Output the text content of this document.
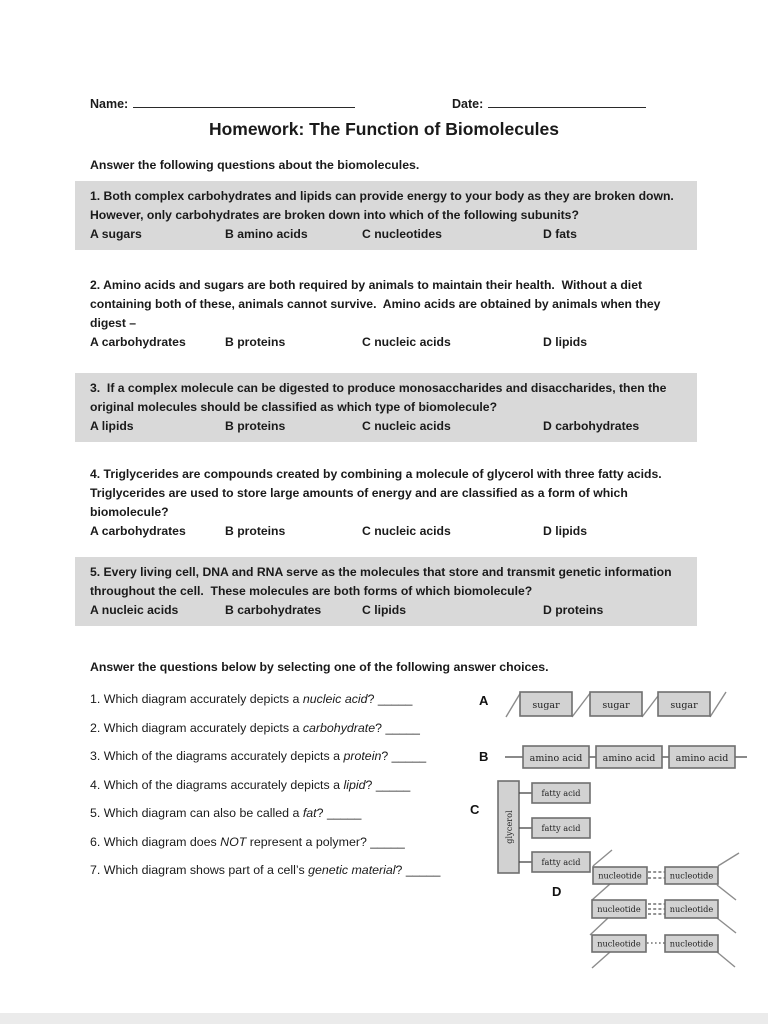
Name:	Date:
Homework: The Function of Biomolecules
Answer the following questions about the biomolecules.
1. Both complex carbohydrates and lipids can provide energy to your body as they are broken down.  However, only carbohydrates are broken down into which of the following subunits?
A sugars	B amino acids	C nucleotides	D fats
2. Amino acids and sugars are both required by animals to maintain their health.  Without a diet containing both of these, animals cannot survive.  Amino acids are obtained by animals when they digest –
A carbohydrates	B proteins	C nucleic acids	D lipids
3.  If a complex molecule can be digested to produce monosaccharides and disaccharides, then the original molecules should be classified as which type of biomolecule?
A lipids	B proteins	C nucleic acids	D carbohydrates
4. Triglycerides are compounds created by combining a molecule of glycerol with three fatty acids.  Triglycerides are used to store large amounts of energy and are classified as a form of which biomolecule?
A carbohydrates	B proteins	C nucleic acids	D lipids
5. Every living cell, DNA and RNA serve as the molecules that store and transmit genetic information throughout the cell.  These molecules are both forms of which biomolecule?
A nucleic acids	B carbohydrates	C lipids	D proteins
Answer the questions below by selecting one of the following answer choices.
1. Which diagram accurately depicts a nucleic acid? _____
2. Which diagram accurately depicts a carbohydrate? _____
3. Which of the diagrams accurately depicts a protein? _____
4. Which of the diagrams accurately depicts a lipid? _____
5. Which diagram can also be called a fat? _____
6. Which diagram does NOT represent a polymer? _____
7. Which diagram shows part of a cell’s genetic material? _____
A	sugar	sugar	sugar
B	amino acid amino acid amino acid
C
glycerol
fatty acid
fatty acid
fatty acid
D
nucleotide	nucleotide
nucleotide	nucleotide
nucleotide	nucleotide
